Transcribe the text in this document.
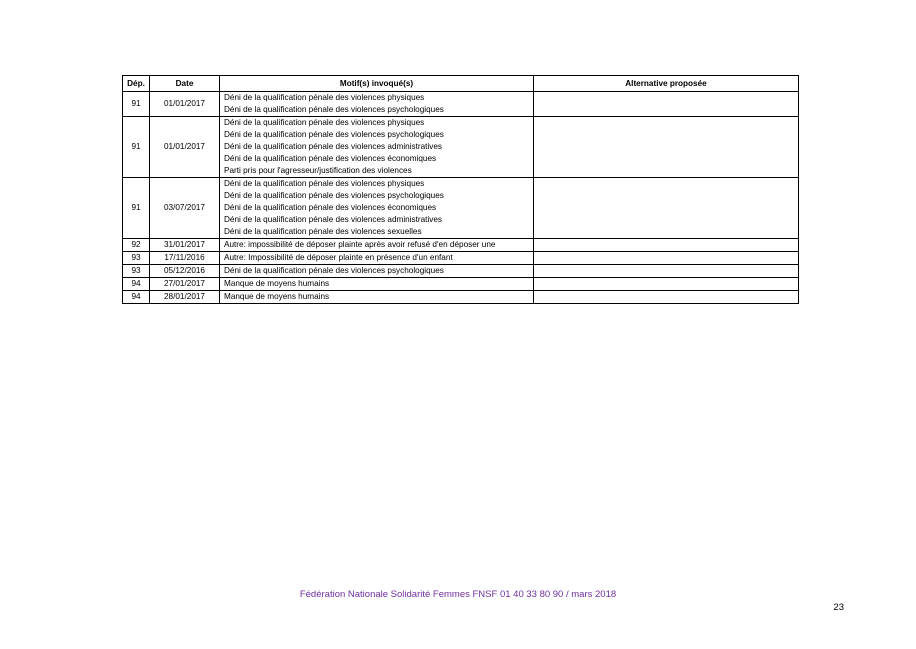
Dép.	Date	Motif(s) invoqué(s)	Alternative proposée
91	01/01/2017	Déni de la qualification pénale des violences physiques
Déni de la qualification pénale des violences psychologiques	

91	01/01/2017	Déni de la qualification pénale des violences physiques
Déni de la qualification pénale des violences psychologiques
Déni de la qualification pénale des violences administratives
Déni de la qualification pénale des violences économiques
Parti pris pour l'agresseur/justification des violences	

91	03/07/2017	Déni de la qualification pénale des violences physiques
Déni de la qualification pénale des violences psychologiques
Déni de la qualification pénale des violences économiques
Déni de la qualification pénale des violences administratives
Déni de la qualification pénale des violences sexuelles	

92	31/01/2017	Autre: impossibilité de déposer plainte après avoir refusé d'en déposer une	

93	17/11/2016	Autre: Impossibilité de déposer plainte en présence d'un enfant	

93	05/12/2016	Déni de la qualification pénale des violences psychologiques	

94	27/01/2017	Manque de moyens humains	

94	28/01/2017	Manque de moyens humains	

Fédération Nationale Solidarité Femmes FNSF 01 40 33 80 90 / mars 2018
23
